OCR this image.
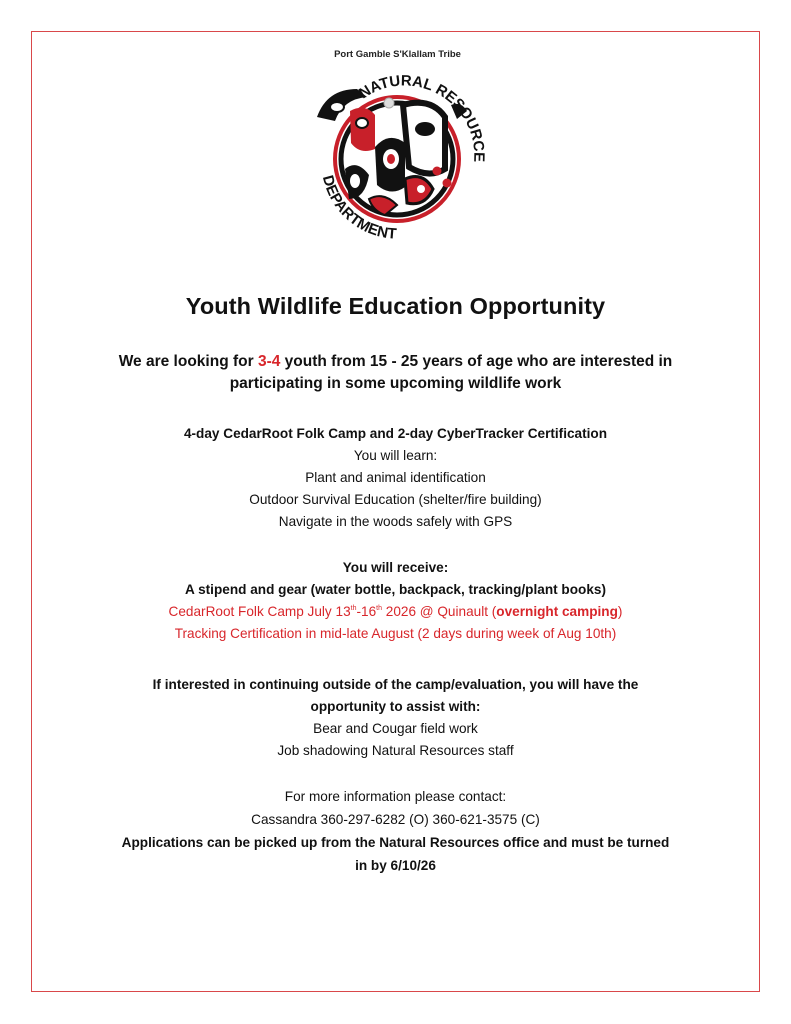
Port Gamble S'Klallam Tribe
NATURAL RESOURCE
DEPARTMENT
Youth Wildlife Education Opportunity
We are looking for 3-4 youth from 15 - 25 years of age who are interested in
participating in some upcoming wildlife work
4-day CedarRoot Folk Camp and 2-day CyberTracker Certification
You will learn:
Plant and animal identification
Outdoor Survival Education (shelter/fire building)
Navigate in the woods safely with GPS
You will receive:
A stipend and gear (water bottle, backpack, tracking/plant books)
CedarRoot Folk Camp July 13th-16th 2026 @ Quinault (overnight camping)
Tracking Certification in mid-late August (2 days during week of Aug 10th)
If interested in continuing outside of the camp/evaluation, you will have the
opportunity to assist with:
Bear and Cougar field work
Job shadowing Natural Resources staff
For more information please contact:
Cassandra 360-297-6282 (O) 360-621-3575 (C)
Applications can be picked up from the Natural Resources office and must be turned
in by 6/10/26
